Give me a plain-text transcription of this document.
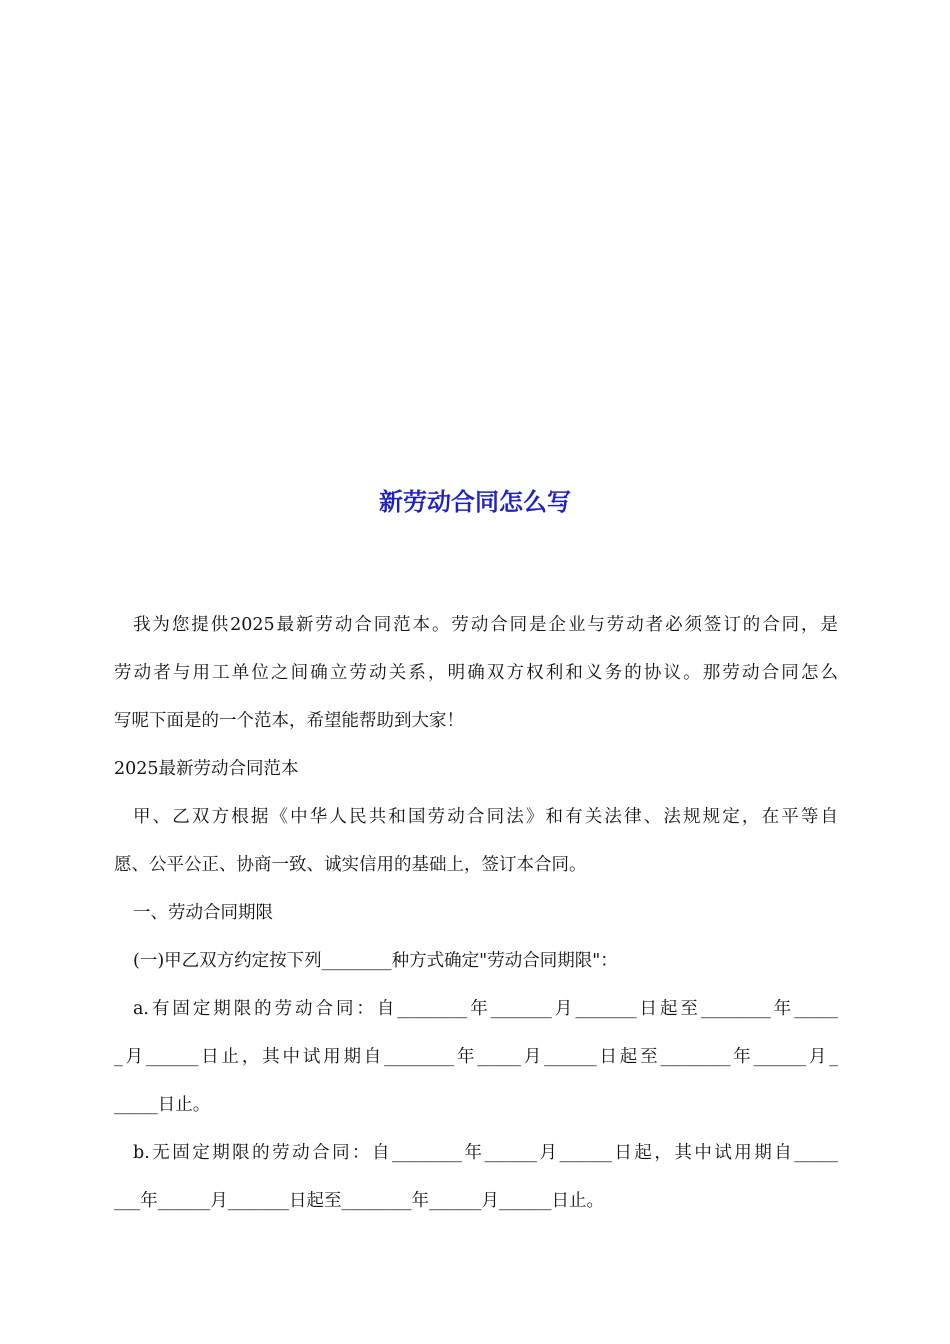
新劳动合同怎么写
我为您提供2025最新劳动合同范本。劳动合同是企业与劳动者必须签订的合同，是
劳动者与用工单位之间确立劳动关系，明确双方权利和义务的协议。那劳动合同怎么
写呢下面是的一个范本，希望能帮助到大家！
2025最新劳动合同范本
甲、乙双方根据《中华人民共和国劳动合同法》和有关法律、法规规定，在平等自
愿、公平公正、协商一致、诚实信用的基础上，签订本合同。
一、劳动合同期限
(一)甲乙双方约定按下列________种方式确定"劳动合同期限"：
a.有固定期限的劳动合同：自________年_______月_______日起至________年_____
_月______日止，其中试用期自________年_____月______日起至________年______月_
_____日止。
b.无固定期限的劳动合同：自________年______月______日起，其中试用期自_____
___年______月_______日起至________年______月______日止。
